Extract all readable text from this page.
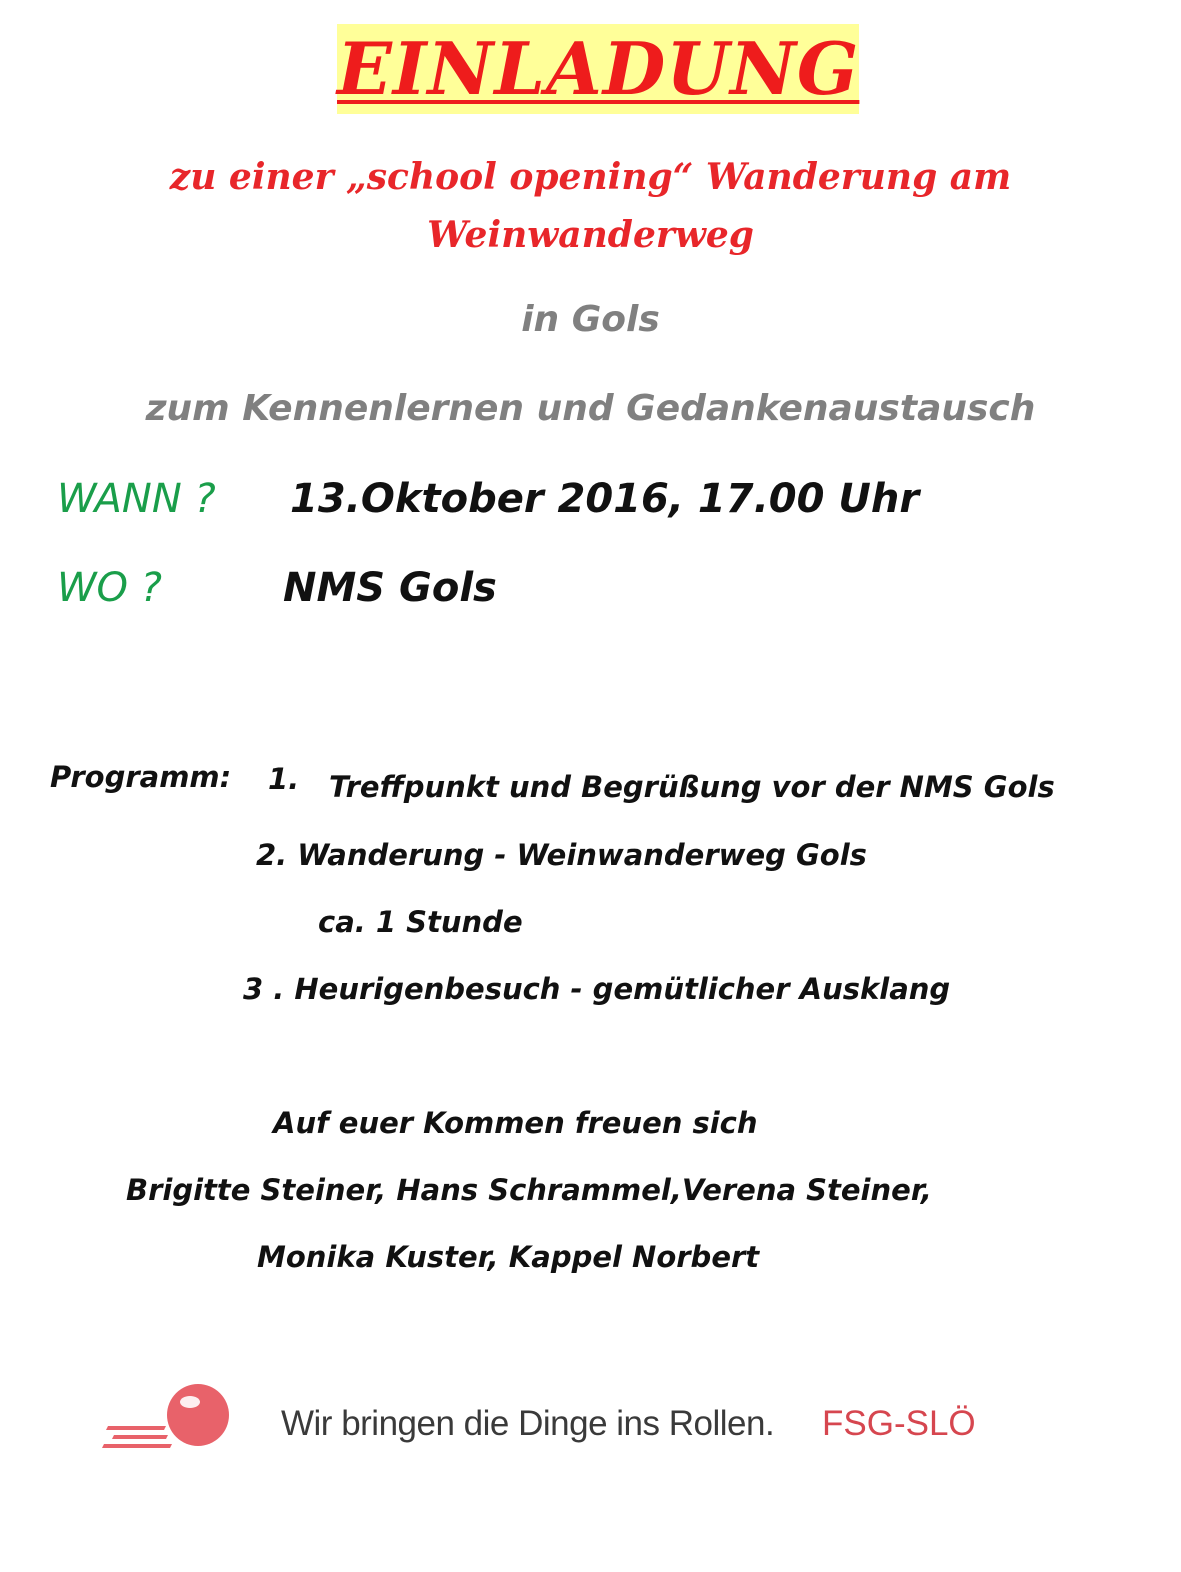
EINLADUNG
zu einer „school opening“ Wanderung am
Weinwanderweg
in Gols
zum Kennenlernen und Gedankenaustausch
WANN ? 13.Oktober 2016, 17.00 Uhr
WO ?	NMS Gols
Programm: 1. Treffpunkt und Begrüßung vor der NMS Gols
2. Wanderung - Weinwanderweg Gols
ca. 1 Stunde
3 . Heurigenbesuch - gemütlicher Ausklang
Auf euer Kommen freuen sich
Brigitte Steiner, Hans Schrammel,Verena Steiner,
Monika Kuster, Kappel Norbert
Wir bringen die Dinge ins Rollen. FSG-SLÖ
